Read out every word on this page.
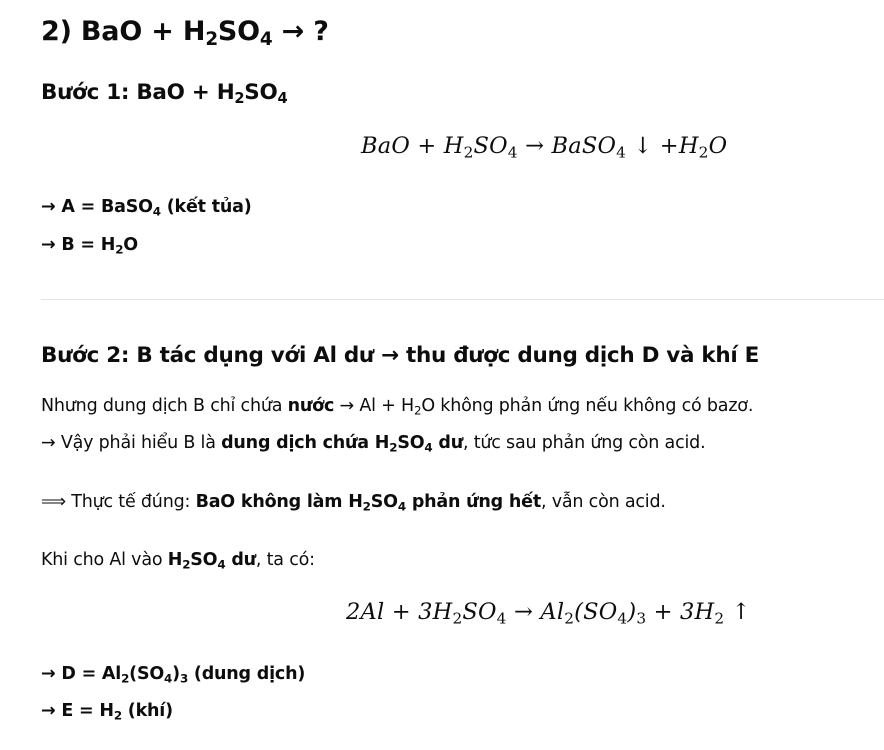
2) BaO + $H_2SO_4$ → ?
Bước 1: BaO + $H_2SO_4$
BaO + $H_2SO_4$ → BaSO$_4$ ↓ $+H_2O$
→ A = BaSO$_4$ (kết tủa)
→ $B = H_2O$
Bước 2: B tác dụng với Al dư → thu được dung dịch D và khí E
Nhưng dung dịch B chỉ chứa nước → $Al + H_2O$ không phản ứng nếu không có bazơ.
→ Vậy phải hiểu B là dung dịch chứa $H_2SO_4$ dư, tức sau phản ứng còn acid.
⟹ Thực tế đúng: BaO không làm $H_2SO_4$ phản ứng hết, vẫn còn acid.
Khi cho Al vào $H_2SO_4$ dư, ta có:
$2Al + 3H_2SO_4 \to Al_2(SO_4)_3 + 3H_2$ ↑
→ $D = Al_2(SO_4)_3$ (dung dịch)
→ $E = H_2$ (khí)
